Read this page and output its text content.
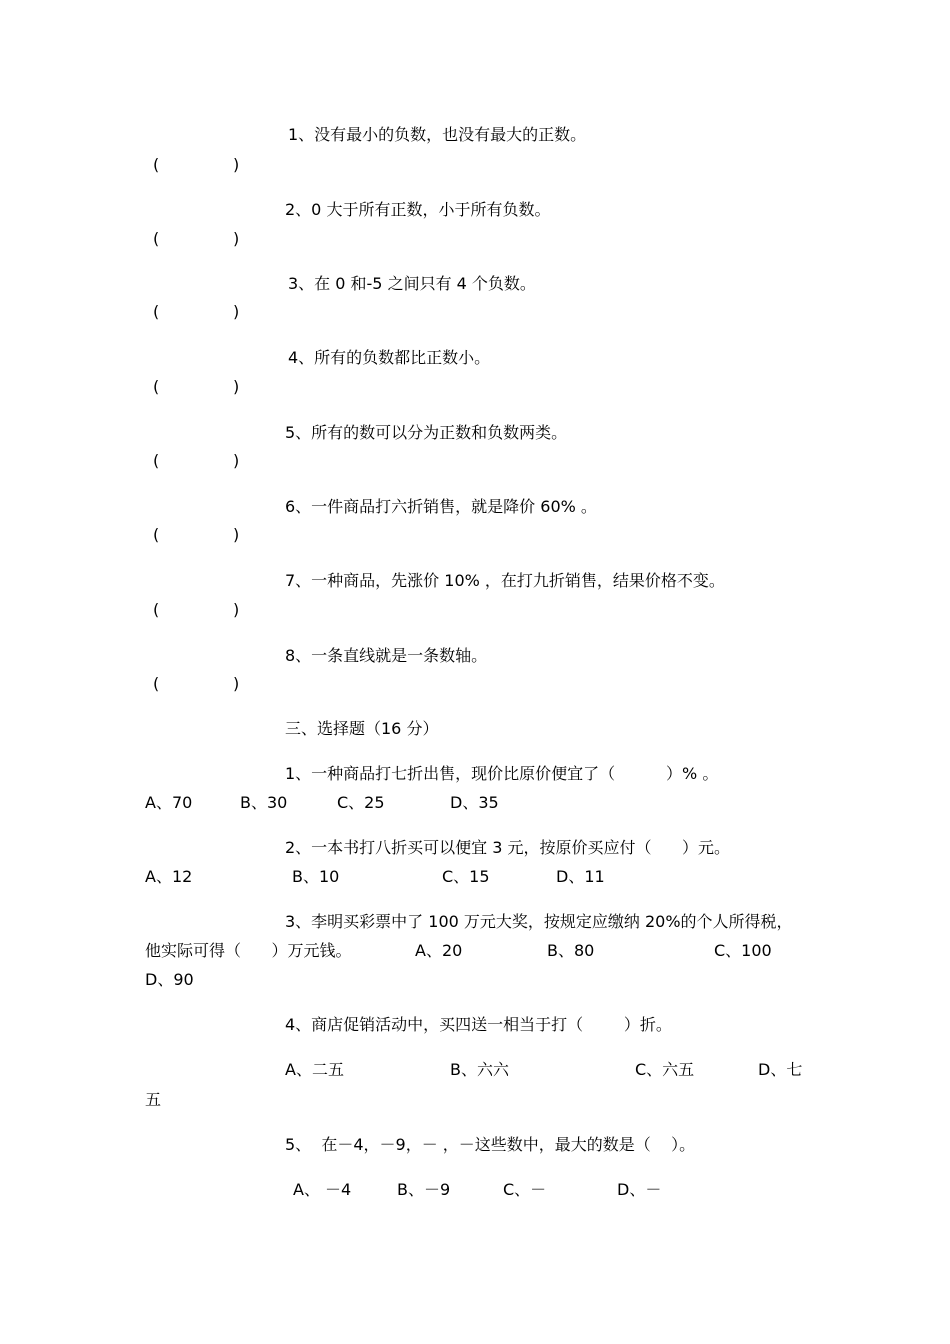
1、没有最小的负数，也没有最大的正数。
(	)
2、0 大于所有正数，小于所有负数。
(	)
3、在 0 和-5 之间只有 4 个负数。
(	)
4、所有的负数都比正数小。
(	)
5、所有的数可以分为正数和负数两类。
(	)
6、一件商品打六折销售，就是降价 60% 。
(	)
7、一种商品，先涨价 10% ，在打九折销售，结果价格不变。
(	)
8、一条直线就是一条数轴。
(	)
三、选择题（16 分）
1、一种商品打七折出售，现价比原价便宜了（          ）% 。
A、70	B、30	C、25	D、35
2、一本书打八折买可以便宜 3 元，按原价买应付（      ）元。
A、12	B、10	C、15	D、11
3、李明买彩票中了 100 万元大奖，按规定应缴纳 20%的个人所得税，
他实际可得（      ）万元钱。	A、20	B、80	C、100
D、90
4、商店促销活动中，买四送一相当于打（        ）折。
A、二五	B、六六	C、六五	D、七
五
5、  在－4，－9，－ ，－这些数中，最大的数是（    ）。
A、 －4	B、－9	C、－	D、－
